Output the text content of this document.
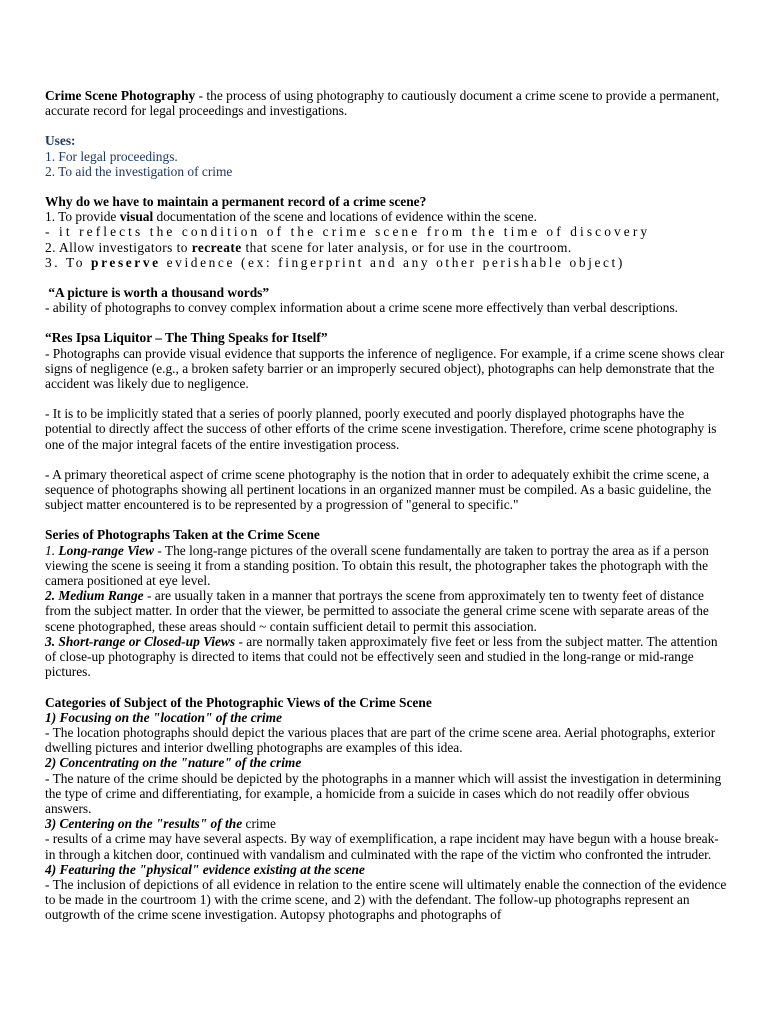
Crime Scene Photography - the process of using photography to cautiously document a crime scene to provide a permanent, accurate record for legal proceedings and investigations.

Uses:

1. For legal proceedings.

2. To aid the investigation of crime

Why do we have to maintain a permanent record of a crime scene?

1. To provide visual documentation of the scene and locations of evidence within the scene.

- it reflects the condition of the crime scene from the time of discovery

2. Allow investigators to recreate that scene for later analysis, or for use in the courtroom.

3. To preserve evidence (ex: fingerprint and any other perishable object)

“A picture is worth a thousand words”

- ability of photographs to convey complex information about a crime scene more effectively than verbal descriptions.

“Res Ipsa Liquitor – The Thing Speaks for Itself”

- Photographs can provide visual evidence that supports the inference of negligence. For example, if a crime scene shows clear signs of negligence (e.g., a broken safety barrier or an improperly secured object), photographs can help demonstrate that the accident was likely due to negligence.

- It is to be implicitly stated that a series of poorly planned, poorly executed and poorly displayed photographs have the potential to directly affect the success of other efforts of the crime scene investigation. Therefore, crime scene photography is one of the major integral facets of the entire investigation process.

- A primary theoretical aspect of crime scene photography is the notion that in order to adequately exhibit the crime scene, a sequence of photographs showing all pertinent locations in an organized manner must be compiled. As a basic guideline, the subject matter encountered is to be represented by a progression of "general to specific."

Series of Photographs Taken at the Crime Scene

1. Long-range View - The long-range pictures of the overall scene fundamentally are taken to portray the area as if a person viewing the scene is seeing it from a standing position. To obtain this result, the photographer takes the photograph with the camera positioned at eye level.

2. Medium Range - are usually taken in a manner that portrays the scene from approximately ten to twenty feet of distance from the subject matter. In order that the viewer, be permitted to associate the general crime scene with separate areas of the scene photographed, these areas should ~ contain sufficient detail to permit this association.

3. Short-range or Closed-up Views - are normally taken approximately five feet or less from the subject matter. The attention of close-up photography is directed to items that could not be effectively seen and studied in the long-range or mid-range pictures.

Categories of Subject of the Photographic Views of the Crime Scene

1) Focusing on the "location" of the crime

- The location photographs should depict the various places that are part of the crime scene area. Aerial photographs, exterior dwelling pictures and interior dwelling photographs are examples of this idea.

2) Concentrating on the "nature" of the crime

- The nature of the crime should be depicted by the photographs in a manner which will assist the investigation in determining the type of crime and differentiating, for example, a homicide from a suicide in cases which do not readily offer obvious answers.

3) Centering on the "results" of the crime

- results of a crime may have several aspects. By way of exemplification, a rape incident may have begun with a house break-in through a kitchen door, continued with vandalism and culminated with the rape of the victim who confronted the intruder.

4) Featuring the "physical" evidence existing at the scene

- The inclusion of depictions of all evidence in relation to the entire scene will ultimately enable the connection of the evidence to be made in the courtroom 1) with the crime scene, and 2) with the defendant. The follow-up photographs represent an outgrowth of the crime scene investigation. Autopsy photographs and photographs of
